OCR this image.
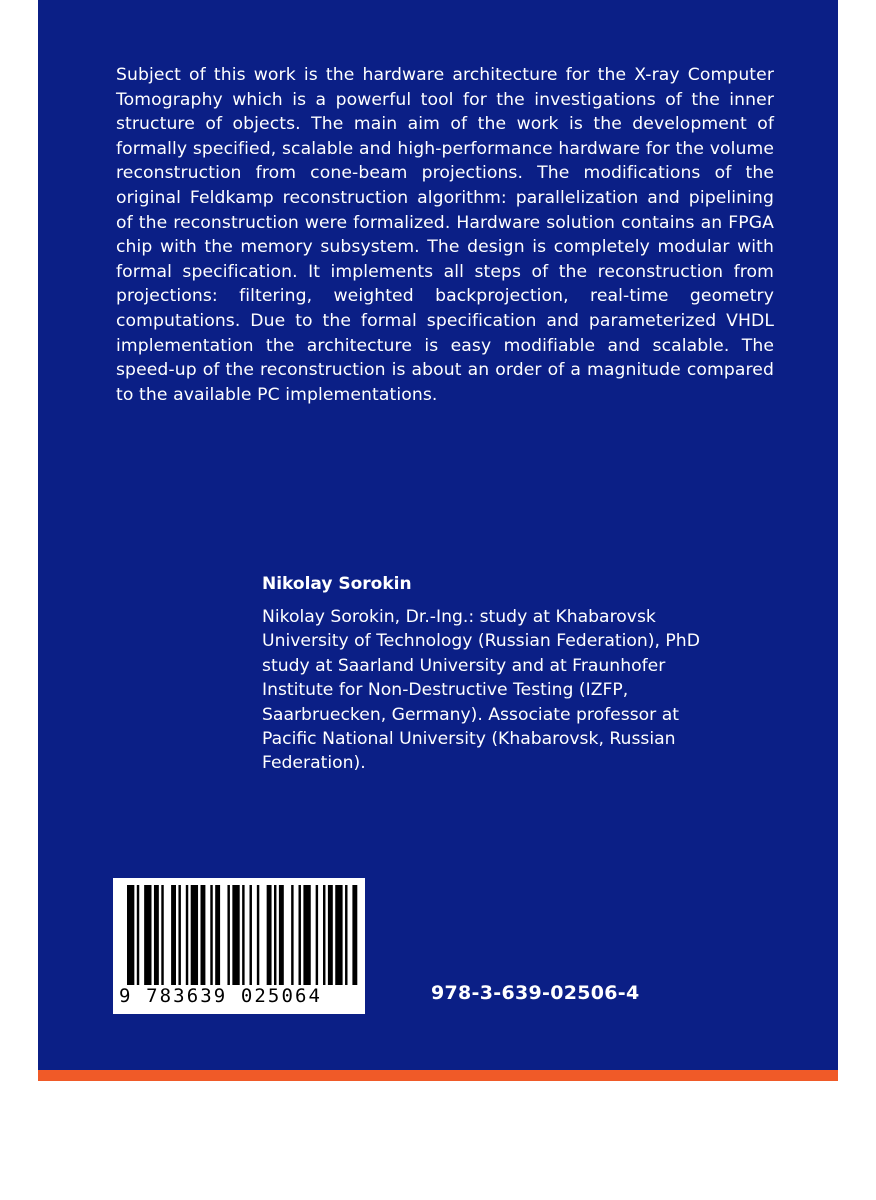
Subject of this work is the hardware architecture for the X-ray Computer Tomography which is a powerful tool for the investigations of the inner structure of objects. The main aim of the work is the development of formally specified, scalable and high-performance hardware for the volume reconstruction from cone-beam projections. The modifications of the original Feldkamp reconstruction algorithm: parallelization and pipelining of the reconstruction were formalized. Hardware solution contains an FPGA chip with the memory subsystem. The design is completely modular with formal specification. It implements all steps of the reconstruction from projections: filtering, weighted backprojection, real-time geometry computations. Due to the formal specification and parameterized VHDL implementation the architecture is easy modifiable and scalable. The speed-up of the reconstruction is about an order of a magnitude compared to the available PC implementations.

Nikolay Sorokin

Nikolay Sorokin, Dr.-Ing.: study at Khabarovsk University of Technology (Russian Federation), PhD study at Saarland University and at Fraunhofer Institute for Non-Destructive Testing (IZFP, Saarbruecken, Germany). Associate professor at Pacific National University (Khabarovsk, Russian Federation).

9 783639 025064	978-3-639-02506-4
